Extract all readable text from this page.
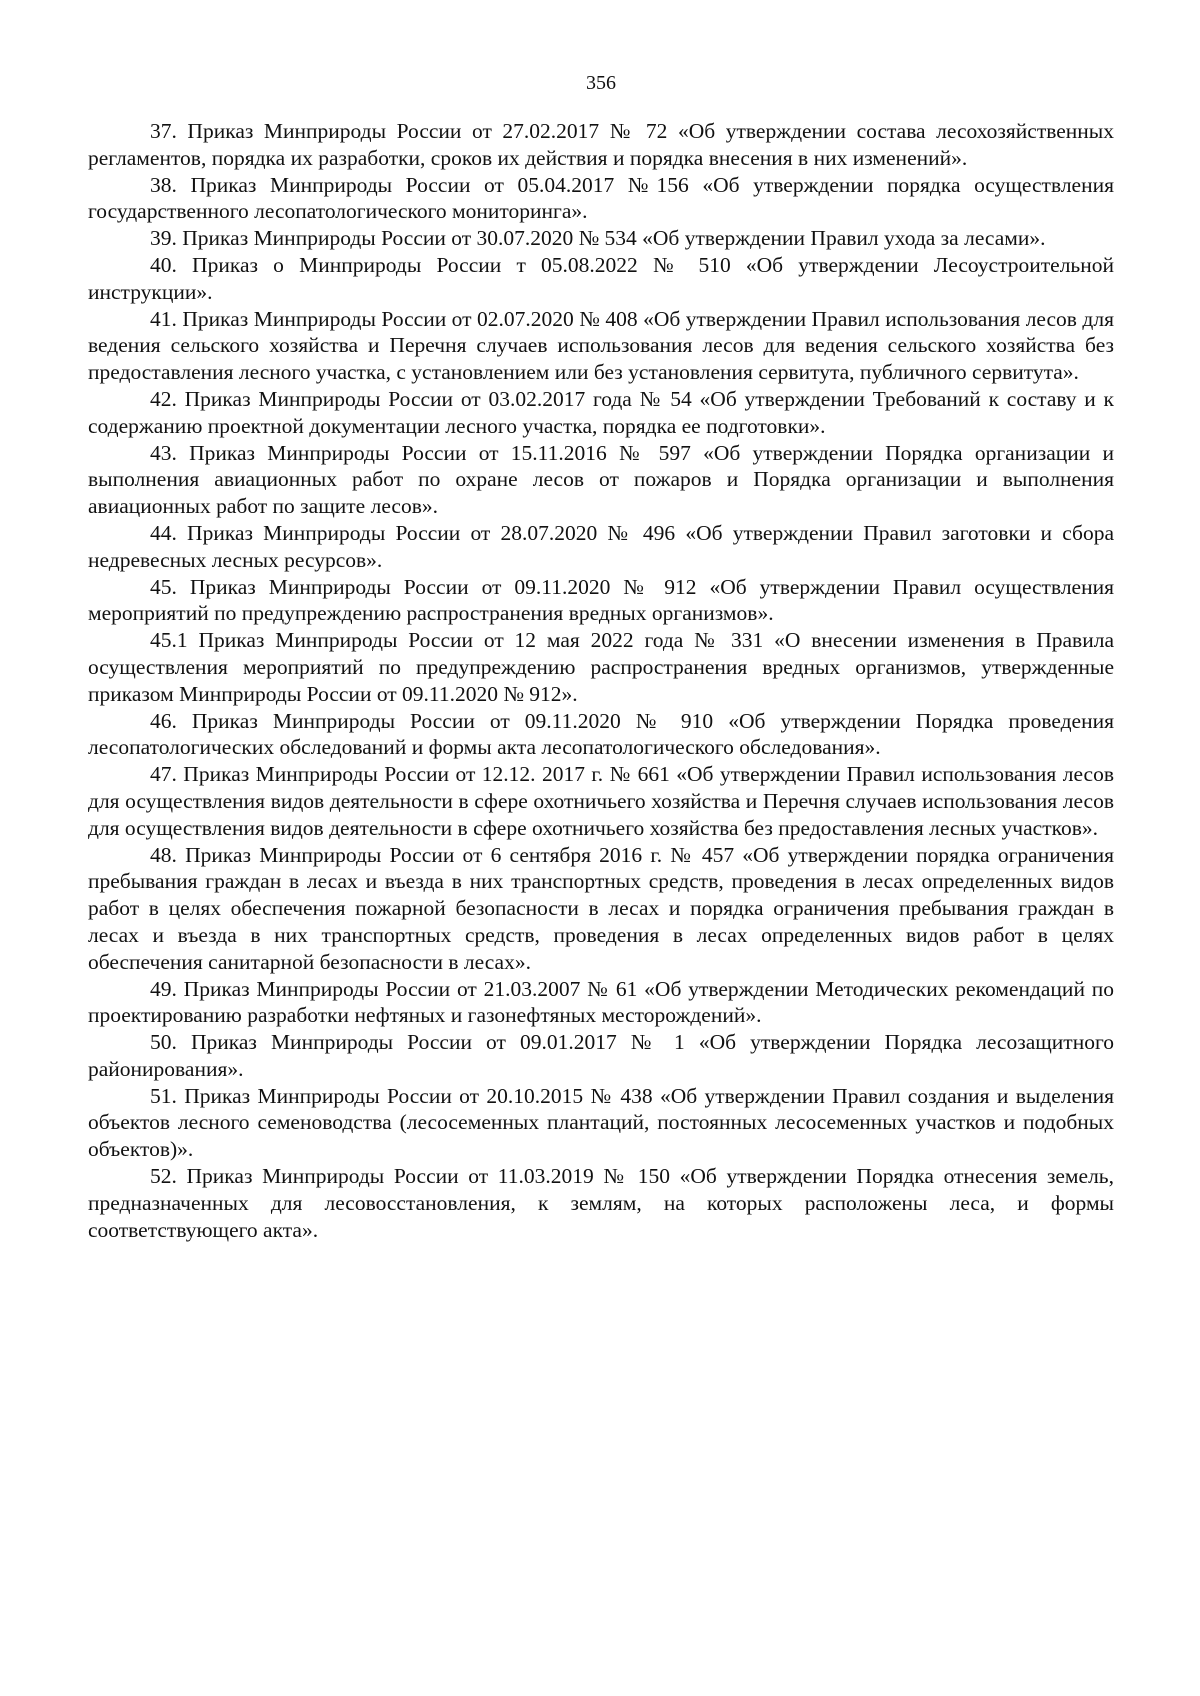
356

37. Приказ Минприроды России от 27.02.2017 № 72 «Об утверждении состава лесохозяйственных регламентов, порядка их разработки, сроков их действия и порядка внесения в них изменений».

38. Приказ Минприроды России от 05.04.2017 №156 «Об утверждении порядка осуществления государственного лесопатологического мониторинга».

39. Приказ Минприроды России от 30.07.2020 № 534 «Об утверждении Правил ухода за лесами».

40. Приказ о Минприроды России т 05.08.2022 № 510 «Об утверждении Лесоустроительной инструкции».

41. Приказ Минприроды России от 02.07.2020 № 408 «Об утверждении Правил использования лесов для ведения сельского хозяйства и Перечня случаев использования лесов для ведения сельского хозяйства без предоставления лесного участка, с установлением или без установления сервитута, публичного сервитута».

42. Приказ Минприроды России от 03.02.2017 года № 54 «Об утверждении Требований к составу и к содержанию проектной документации лесного участка, порядка ее подготовки».

43. Приказ Минприроды России от 15.11.2016 № 597 «Об утверждении Порядка организации и выполнения авиационных работ по охране лесов от пожаров и Порядка организации и выполнения авиационных работ по защите лесов».

44. Приказ Минприроды России от 28.07.2020 № 496 «Об утверждении Правил заготовки и сбора недревесных лесных ресурсов».

45. Приказ Минприроды России от 09.11.2020 № 912 «Об утверждении Правил осуществления мероприятий по предупреждению распространения вредных организмов».

45.1 Приказ Минприроды России от 12 мая 2022 года № 331 «О внесении изменения в Правила осуществления мероприятий по предупреждению распространения вредных организмов, утвержденные приказом Минприроды России от 09.11.2020 № 912».

46. Приказ Минприроды России от 09.11.2020 № 910 «Об утверждении Порядка проведения лесопатологических обследований и формы акта лесопатологического обследования».

47. Приказ Минприроды России от 12.12. 2017 г. № 661 «Об утверждении Правил использования лесов для осуществления видов деятельности в сфере охотничьего хозяйства и Перечня случаев использования лесов для осуществления видов деятельности в сфере охотничьего хозяйства без предоставления лесных участков».

48. Приказ Минприроды России от 6 сентября 2016 г. № 457 «Об утверждении порядка ограничения пребывания граждан в лесах и въезда в них транспортных средств, проведения в лесах определенных видов работ в целях обеспечения пожарной безопасности в лесах и порядка ограничения пребывания граждан в лесах и въезда в них транспортных средств, проведения в лесах определенных видов работ в целях обеспечения санитарной безопасности в лесах».

49. Приказ Минприроды России от 21.03.2007 № 61 «Об утверждении Методических рекомендаций по проектированию разработки нефтяных и газонефтяных месторождений».

50. Приказ Минприроды России от 09.01.2017 № 1 «Об утверждении Порядка лесозащитного районирования».

51. Приказ Минприроды России от 20.10.2015 № 438 «Об утверждении Правил создания и выделения объектов лесного семеноводства (лесосеменных плантаций, постоянных лесосеменных участков и подобных объектов)».

52. Приказ Минприроды России от 11.03.2019 № 150 «Об утверждении Порядка отнесения земель, предназначенных для лесовосстановления, к землям, на которых расположены леса, и формы соответствующего акта».
